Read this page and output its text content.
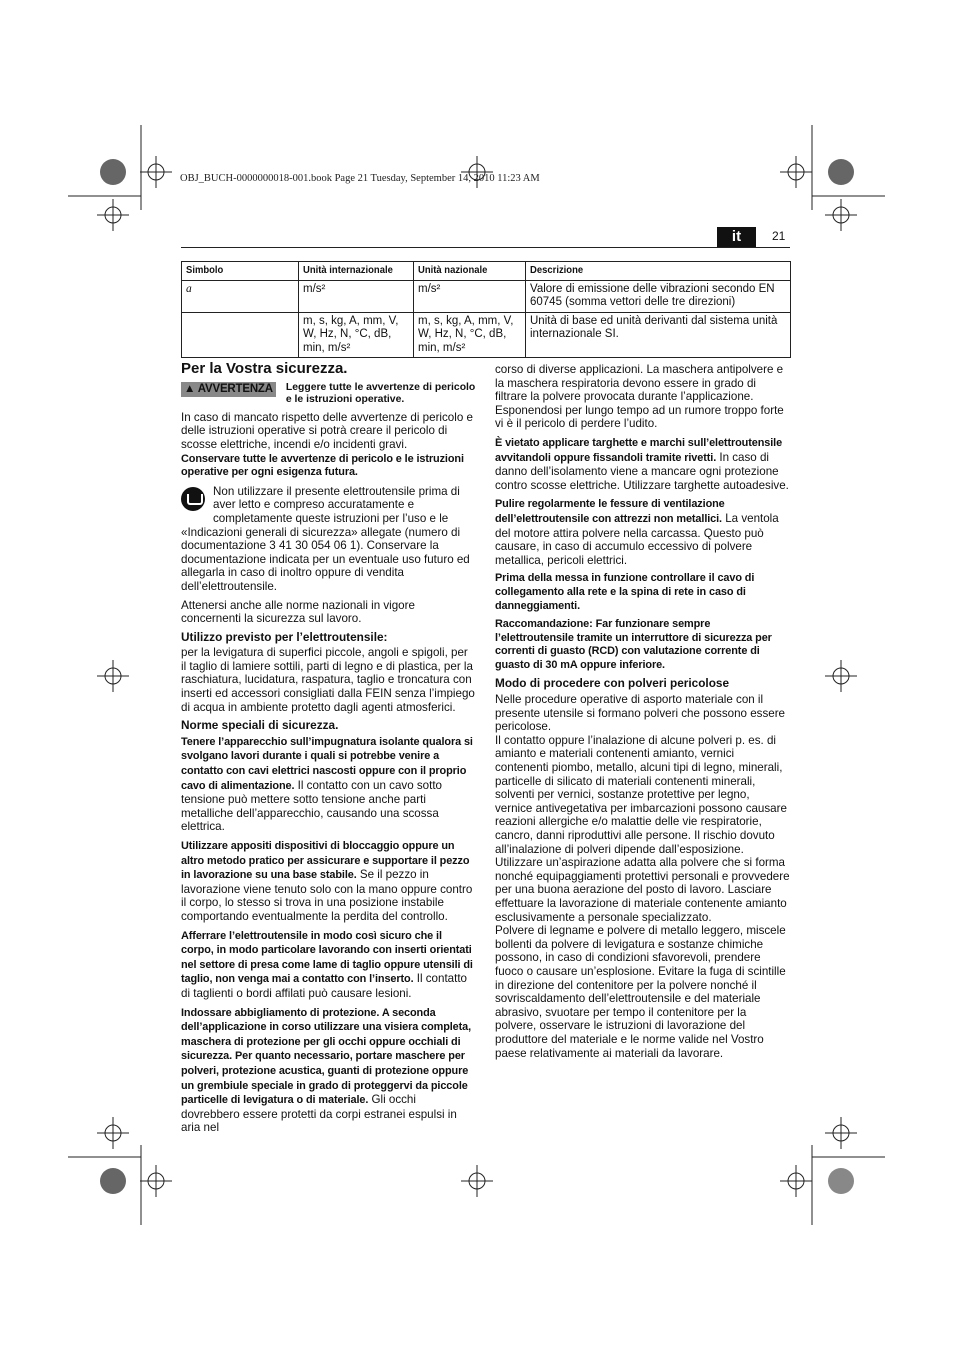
OBJ_BUCH-0000000018-001.book Page 21 Tuesday, September 14, 2010 11:23 AM
it	21
Simbolo	Unità internazionale	Unità nazionale	Descrizione
a	m/s²	m/s²	Valore di emissione delle vibrazioni secondo EN 60745 (somma vettori delle tre direzioni)
	m, s, kg, A, mm, V, W, Hz, N, °C, dB, min, m/s²	m, s, kg, A, mm, V, W, Hz, N, °C, dB, min, m/s²	Unità di base ed unità derivanti dal sistema unità internazionale SI.
Per la Vostra sicurezza.
▲ AVVERTENZA Leggere tutte le avvertenze di pericolo e le istruzioni operative.

In caso di mancato rispetto delle avvertenze di pericolo e delle istruzioni operative si potrà creare il pericolo di scosse elettriche, incendi e/o incidenti gravi.

Conservare tutte le avvertenze di pericolo e le istruzioni operative per ogni esigenza futura.

Non utilizzare il presente elettroutensile prima di aver letto e compreso accuratamente e completamente queste istruzioni per l’uso e le «Indicazioni generali di sicurezza» allegate (numero di documentazione 3 41 30 054 06 1). Conservare la documentazione indicata per un eventuale uso futuro ed allegarla in caso di inoltro oppure di vendita dell’elettroutensile.

Attenersi anche alle norme nazionali in vigore concernenti la sicurezza sul lavoro.

Utilizzo previsto per l’elettroutensile:

per la levigatura di superfici piccole, angoli e spigoli, per il taglio di lamiere sottili, parti di legno e di plastica, per la raschiatura, lucidatura, raspatura, taglio e troncatura con inserti ed accessori consigliati dalla FEIN senza l’impiego di acqua in ambiente protetto dagli agenti atmosferici.

Norme speciali di sicurezza.

Tenere l’apparecchio sull’impugnatura isolante qualora si svolgano lavori durante i quali si potrebbe venire a contatto con cavi elettrici nascosti oppure con il proprio cavo di alimentazione. Il contatto con un cavo sotto tensione può mettere sotto tensione anche parti metalliche dell’apparecchio, causando una scossa elettrica.

Utilizzare appositi dispositivi di bloccaggio oppure un altro metodo pratico per assicurare e supportare il pezzo in lavorazione su una base stabile. Se il pezzo in lavorazione viene tenuto solo con la mano oppure contro il corpo, lo stesso si trova in una posizione instabile comportando eventualmente la perdita del controllo.

Afferrare l’elettroutensile in modo così sicuro che il corpo, in modo particolare lavorando con inserti orientati nel settore di presa come lame di taglio oppure utensili di taglio, non venga mai a contatto con l’inserto. Il contatto di taglienti o bordi affilati può causare lesioni.

Indossare abbigliamento di protezione. A seconda dell’applicazione in corso utilizzare una visiera completa, maschera di protezione per gli occhi oppure occhiali di sicurezza. Per quanto necessario, portare maschere per polveri, protezione acustica, guanti di protezione oppure un grembiule speciale in grado di proteggervi da piccole particelle di levigatura o di materiale. Gli occhi dovrebbero essere protetti da corpi estranei espulsi in aria nel

corso di diverse applicazioni. La maschera antipolvere e la maschera respiratoria devono essere in grado di filtrare la polvere provocata durante l’applicazione. Esponendosi per lungo tempo ad un rumore troppo forte vi è il pericolo di perdere l’udito.

È vietato applicare targhette e marchi sull’elettroutensile avvitandoli oppure fissandoli tramite rivetti. In caso di danno dell’isolamento viene a mancare ogni protezione contro scosse elettriche. Utilizzare targhette autoadesive.

Pulire regolarmente le fessure di ventilazione dell’elettroutensile con attrezzi non metallici. La ventola del motore attira polvere nella carcassa. Questo può causare, in caso di accumulo eccessivo di polvere metallica, pericoli elettrici.

Prima della messa in funzione controllare il cavo di collegamento alla rete e la spina di rete in caso di danneggiamenti.

Raccomandazione: Far funzionare sempre l’elettroutensile tramite un interruttore di sicurezza per correnti di guasto (RCD) con valutazione corrente di guasto di 30 mA oppure inferiore.

Modo di procedere con polveri pericolose

Nelle procedure operative di asporto materiale con il presente utensile si formano polveri che possono essere pericolose.

Il contatto oppure l’inalazione di alcune polveri p. es. di amianto e materiali contenenti amianto, vernici contenenti piombo, metallo, alcuni tipi di legno, minerali, particelle di silicato di materiali contenenti minerali, solventi per vernici, sostanze protettive per legno, vernice antivegetativa per imbarcazioni possono causare reazioni allergiche e/o malattie delle vie respiratorie, cancro, danni riproduttivi alle persone. Il rischio dovuto all’inalazione di polveri dipende dall’esposizione. Utilizzare un’aspirazione adatta alla polvere che si forma nonché equipaggiamenti protettivi personali e provvedere per una buona aerazione del posto di lavoro. Lasciare effettuare la lavorazione di materiale contenente amianto esclusivamente a personale specializzato.

Polvere di legname e polvere di metallo leggero, miscele bollenti da polvere di levigatura e sostanze chimiche possono, in caso di condizioni sfavorevoli, prendere fuoco o causare un’esplosione. Evitare la fuga di scintille in direzione del contenitore per la polvere nonché il sovriscaldamento dell’elettroutensile e del materiale abrasivo, svuotare per tempo il contenitore per la polvere, osservare le istruzioni di lavorazione del produttore del materiale e le norme valide nel Vostro paese relativamente ai materiali da lavorare.
